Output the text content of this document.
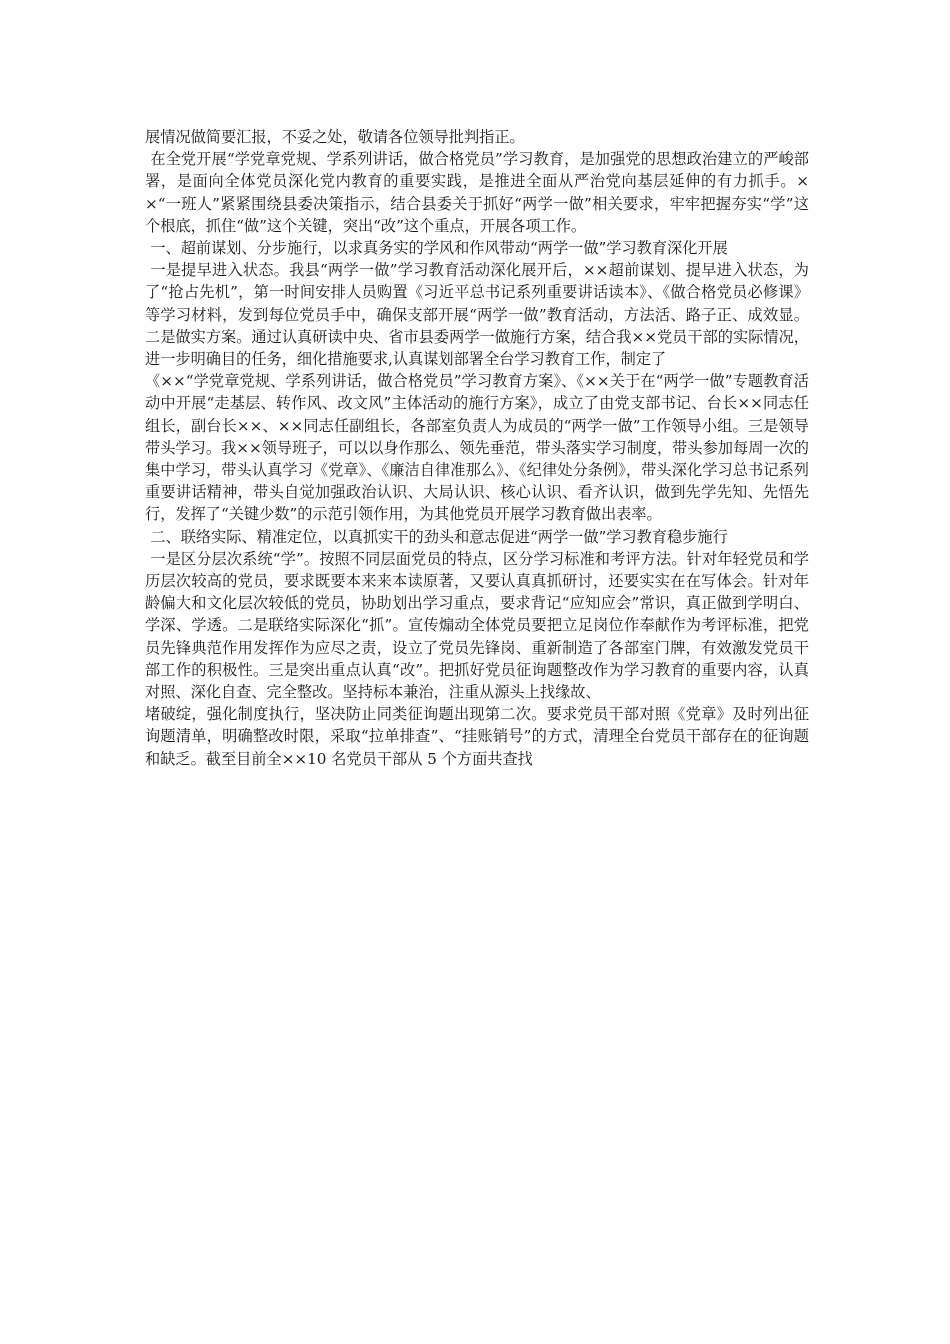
展情况做简要汇报，不妥之处，敬请各位领导批判指正。

在全党开展“学党章党规、学系列讲话，做合格党员”学习教育，是加强党的思想政治建立的严峻部署，是面向全体党员深化党内教育的重要实践，是推进全面从严治党向基层延伸的有力抓手。××“一班人”紧紧围绕县委决策指示，结合县委关于抓好“两学一做”相关要求，牢牢把握夯实“学”这个根底，抓住“做”这个关键，突出“改”这个重点，开展各项工作。

一、超前谋划、分步施行，以求真务实的学风和作风带动“两学一做”学习教育深化开展

一是提早进入状态。我县“两学一做”学习教育活动深化展开后，××超前谋划、提早进入状态，为了“抢占先机”，第一时间安排人员购置《习近平总书记系列重要讲话读本》、《做合格党员必修课》等学习材料，发到每位党员手中，确保支部开展“两学一做”教育活动，方法活、路子正、成效显。二是做实方案。通过认真研读中央、省市县委两学一做施行方案，结合我××党员干部的实际情况，进一步明确目的任务，细化措施要求,认真谋划部署全台学习教育工作，制定了

《××“学党章党规、学系列讲话，做合格党员”学习教育方案》、《××关于在“两学一做”专题教育活动中开展“走基层、转作风、改文风”主体活动的施行方案》，成立了由党支部书记、台长××同志任组长，副台长××、××同志任副组长，各部室负责人为成员的“两学一做”工作领导小组。三是领导带头学习。我××领导班子，可以以身作那么、领先垂范，带头落实学习制度，带头参加每周一次的集中学习，带头认真学习《党章》、《廉洁自律准那么》、《纪律处分条例》，带头深化学习总书记系列重要讲话精神，带头自觉加强政治认识、大局认识、核心认识、看齐认识，做到先学先知、先悟先行，发挥了“关键少数”的示范引领作用，为其他党员开展学习教育做出表率。

二、联络实际、精准定位，以真抓实干的劲头和意志促进“两学一做”学习教育稳步施行

一是区分层次系统“学”。按照不同层面党员的特点，区分学习标准和考评方法。针对年轻党员和学历层次较高的党员，要求既要本来来本读原著，又要认真真抓研讨，还要实实在在写体会。针对年龄偏大和文化层次较低的党员，协助划出学习重点，要求背记“应知应会”常识，真正做到学明白、学深、学透。二是联络实际深化“抓”。宣传煽动全体党员要把立足岗位作奉献作为考评标准，把党员先锋典范作用发挥作为应尽之责，设立了党员先锋岗、重新制造了各部室门牌，有效激发党员干部工作的积极性。三是突出重点认真“改”。把抓好党员征询题整改作为学习教育的重要内容，认真对照、深化自查、完全整改。坚持标本兼治，注重从源头上找缘故、

堵破绽，强化制度执行，坚决防止同类征询题出现第二次。要求党员干部对照《党章》及时列出征询题清单，明确整改时限，采取“拉单排查”、“挂账销号”的方式，清理全台党员干部存在的征询题和缺乏。截至目前全××10 名党员干部从 5 个方面共查找
